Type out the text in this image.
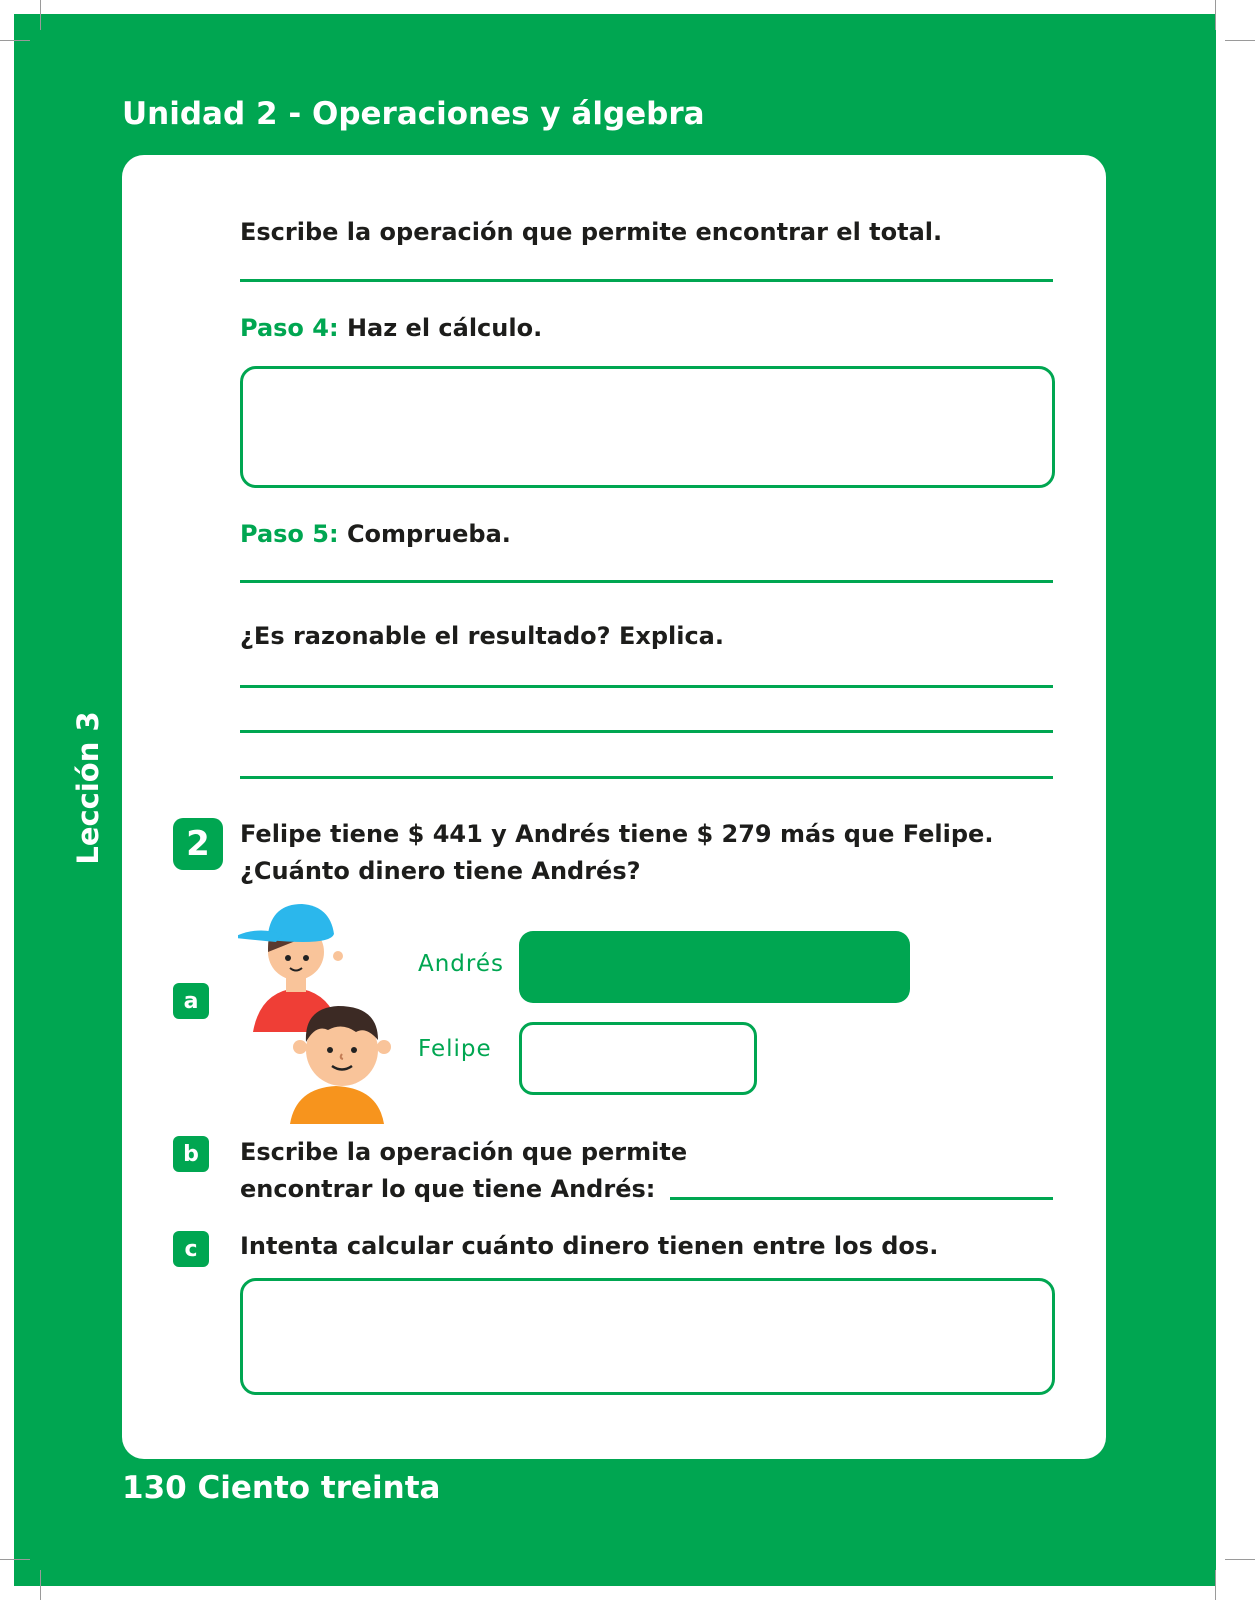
Unidad 2 - Operaciones y álgebra
Lección 3
130 Ciento treinta
Escribe la operación que permite encontrar el total.
Paso 4: Haz el cálculo.
Paso 5: Comprueba.
¿Es razonable el resultado? Explica.
2	Felipe tiene $ 441 y Andrés tiene $ 279 más que Felipe.
¿Cuánto dinero tiene Andrés?
a
Andrés
Felipe
b	Escribe la operación que permite
encontrar lo que tiene Andrés:
c	Intenta calcular cuánto dinero tienen entre los dos.
